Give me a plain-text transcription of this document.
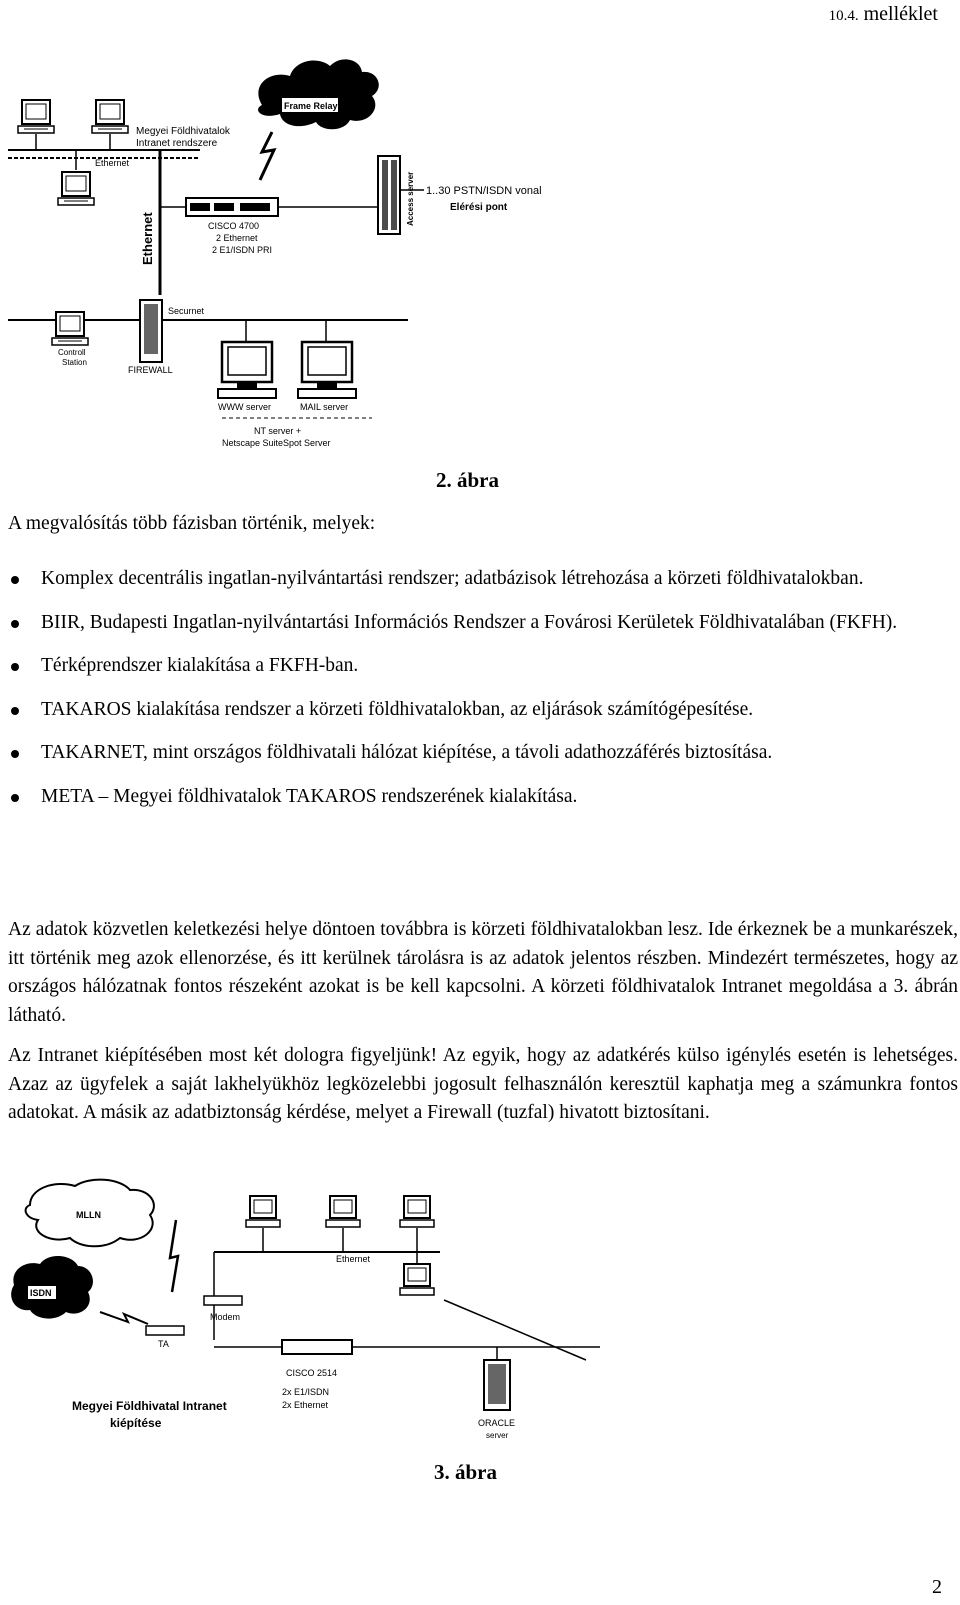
10.4. melléklet
Frame Relay
Ethernet
Megyei Földhivatalok
Intranet rendszere
Ethernet	CISCO 4700
2 Ethernet
2 E1/ISDN PRI
Access server 1..30 PSTN/ISDN vonal
Elérési pont
Securnet
FIREWALL
Controll
Station
WWW server	MAIL server
NT server +
Netscape SuiteSpot Server
2. ábra

A megvalósítás több fázisban történik, melyek:

Komplex decentrális ingatlan-nyilvántartási rendszer; adatbázisok létrehozása a körzeti földhivatalokban.
BIIR, Budapesti Ingatlan-nyilvántartási Információs Rendszer a Fovárosi Kerületek Földhivatalában (FKFH).
Térképrendszer kialakítása a FKFH-ban.
TAKAROS kialakítása rendszer a körzeti földhivatalokban, az eljárások számítógépesítése.
TAKARNET, mint országos földhivatali hálózat kiépítése, a távoli adathozzáférés biztosítása.
META – Megyei földhivatalok TAKAROS rendszerének kialakítása.

Az adatok közvetlen keletkezési helye döntoen továbbra is körzeti földhivatalokban lesz. Ide érkeznek be a munkarészek, itt történik meg azok ellenorzése, és itt kerülnek tárolásra is az adatok jelentos részben. Mindezért természetes, hogy az országos hálózatnak fontos részeként azokat is be kell kapcsolni. A körzeti földhivatalok Intranet megoldása a 3. ábrán látható.

Az Intranet kiépítésében most két dologra figyeljünk! Az egyik, hogy az adatkérés külso igénylés esetén is lehetséges. Azaz az ügyfelek a saját lakhelyükhöz legközelebbi jogosult felhasználón keresztül kaphatja meg a számunkra fontos adatokat. A másik az adatbiztonság kérdése, melyet a Firewall (tuzfal) hivatott biztosítani.

MLLN
ISDN
Ethernet
Modem
TA
CISCO 2514
2x E1/ISDN
2x Ethernet
Megyei Földhivatal Intranet
kiépítése	ORACLE
server
3. ábra
2
